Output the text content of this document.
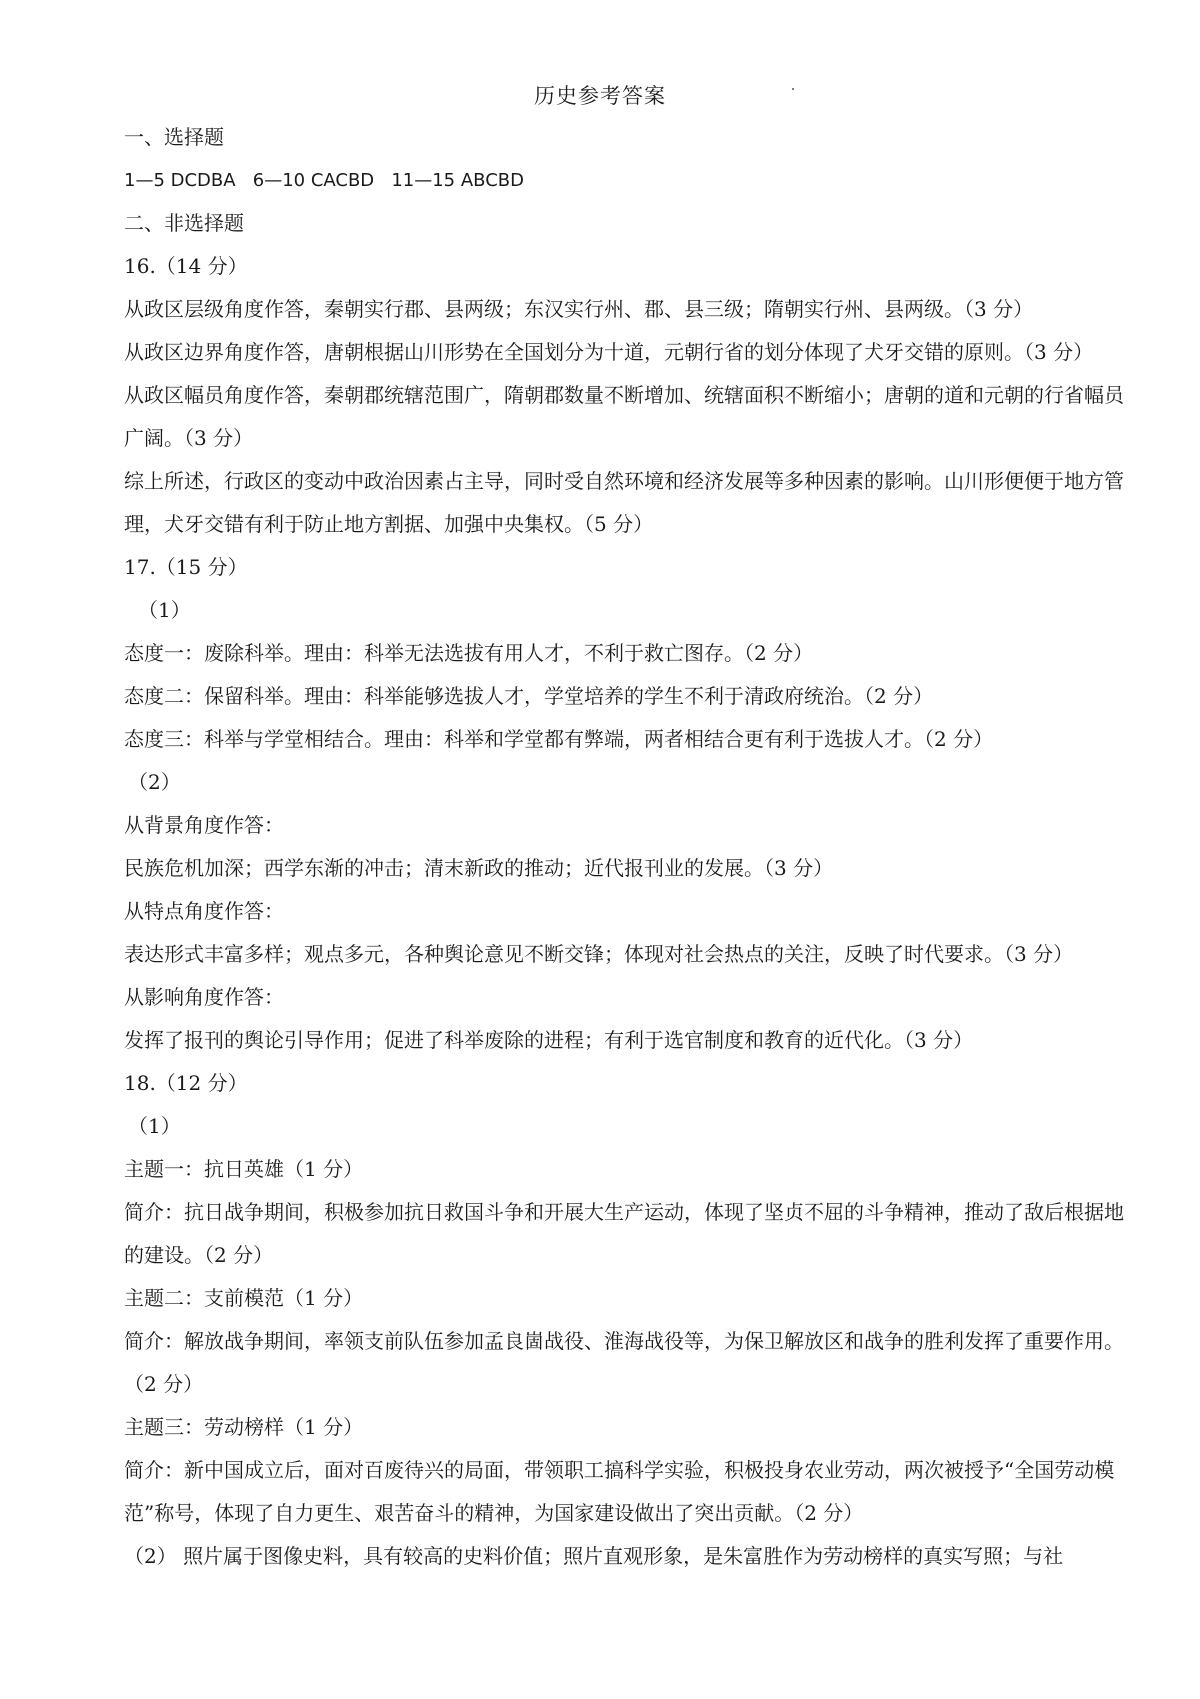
历史参考答案

一、选择题

1—5 DCDBA   6—10 CACBD   11—15 ABCBD

二、非选择题

16.（14 分）

从政区层级角度作答，秦朝实行郡、县两级；东汉实行州、郡、县三级；隋朝实行州、县两级。（3 分）

从政区边界角度作答，唐朝根据山川形势在全国划分为十道，元朝行省的划分体现了犬牙交错的原则。（3 分）

从政区幅员角度作答，秦朝郡统辖范围广，隋朝郡数量不断增加、统辖面积不断缩小；唐朝的道和元朝的行省幅员广阔。（3 分）

综上所述，行政区的变动中政治因素占主导，同时受自然环境和经济发展等多种因素的影响。山川形便便于地方管理，犬牙交错有利于防止地方割据、加强中央集权。（5 分）

17.（15 分）

（1）

态度一：废除科举。理由：科举无法选拔有用人才，不利于救亡图存。（2 分）

态度二：保留科举。理由：科举能够选拔人才，学堂培养的学生不利于清政府统治。（2 分）

态度三：科举与学堂相结合。理由：科举和学堂都有弊端，两者相结合更有利于选拔人才。（2 分）

（2）

从背景角度作答：

民族危机加深；西学东渐的冲击；清末新政的推动；近代报刊业的发展。（3 分）

从特点角度作答：

表达形式丰富多样；观点多元，各种舆论意见不断交锋；体现对社会热点的关注，反映了时代要求。（3 分）

从影响角度作答：

发挥了报刊的舆论引导作用；促进了科举废除的进程；有利于选官制度和教育的近代化。（3 分）

18.（12 分）

（1）

主题一：抗日英雄（1 分）

简介：抗日战争期间，积极参加抗日救国斗争和开展大生产运动，体现了坚贞不屈的斗争精神，推动了敌后根据地的建设。（2 分）

主题二：支前模范（1 分）

简介：解放战争期间，率领支前队伍参加孟良崮战役、淮海战役等，为保卫解放区和战争的胜利发挥了重要作用。（2 分）

主题三：劳动榜样（1 分）

简介：新中国成立后，面对百废待兴的局面，带领职工搞科学实验，积极投身农业劳动，两次被授予“全国劳动模范”称号，体现了自力更生、艰苦奋斗的精神，为国家建设做出了突出贡献。（2 分）

（2） 照片属于图像史料，具有较高的史料价值；照片直观形象，是朱富胜作为劳动榜样的真实写照；与社
